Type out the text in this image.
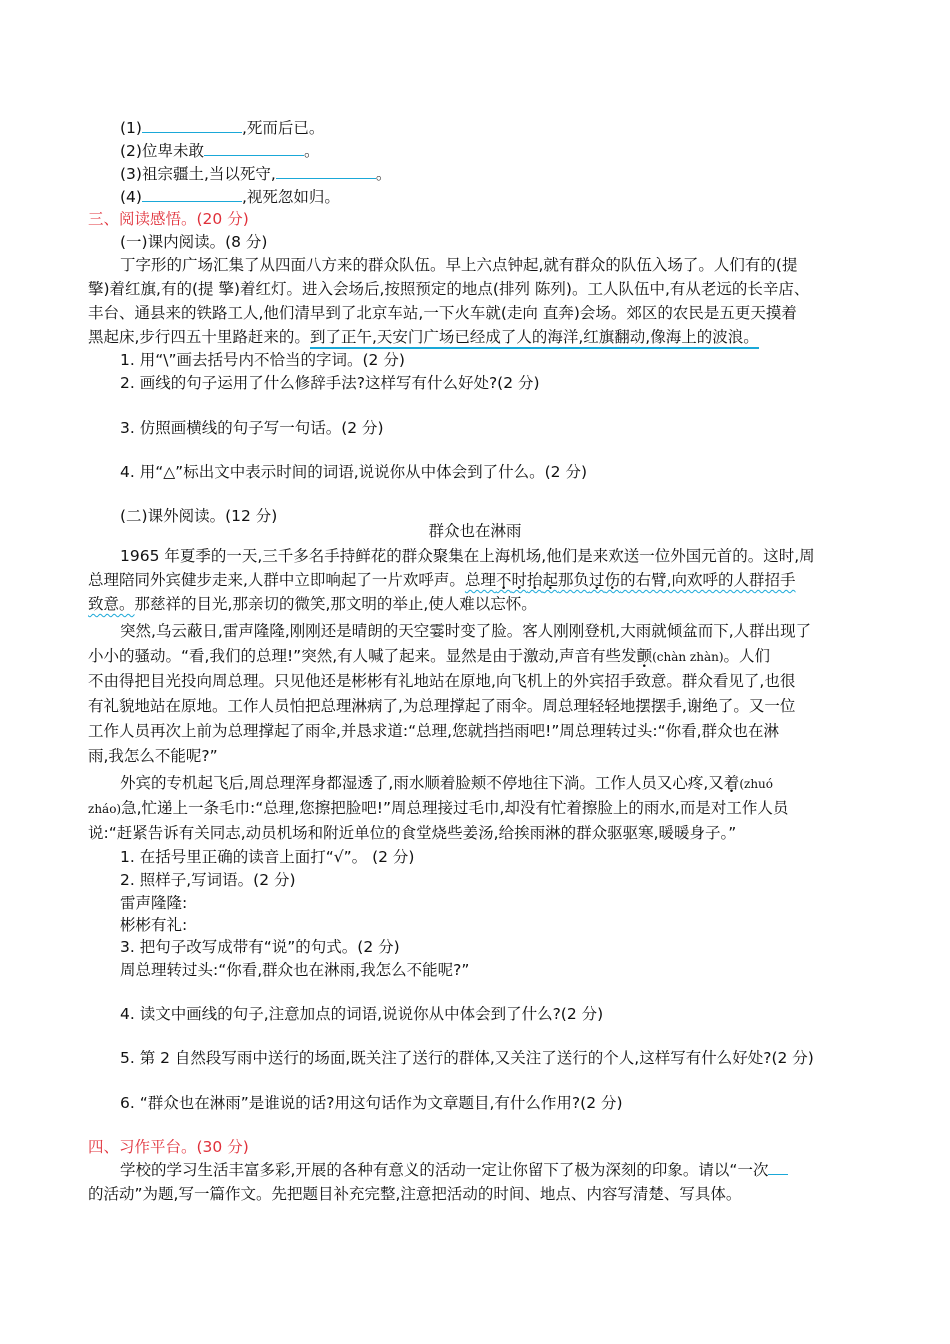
(1)	,死而后已。
(2)位卑未敢	。
(3)祖宗疆土,当以死守,	。
(4)	,视死忽如归。
三、阅读感悟。(20 分)
(一)课内阅读。(8 分)
丁字形的广场汇集了从四面八方来的群众队伍。早上六点钟起,就有群众的队伍入场了。人们有的(提
擎)着红旗,有的(提 擎)着红灯。进入会场后,按照预定的地点(排列 陈列)。工人队伍中,有从老远的长辛店、
丰台、通县来的铁路工人,他们清早到了北京车站,一下火车就(走向 直奔)会场。郊区的农民是五更天摸着
黑起床,步行四五十里路赶来的。到了正午,天安门广场已经成了人的海洋,红旗翻动,像海上的波浪。
1. 用“\”画去括号内不恰当的字词。(2 分)
2. 画线的句子运用了什么修辞手法?这样写有什么好处?(2 分)
3. 仿照画横线的句子写一句话。(2 分)
4. 用“△”标出文中表示时间的词语,说说你从中体会到了什么。(2 分)
(二)课外阅读。(12 分)
群众也在淋雨
1965 年夏季的一天,三千多名手持鲜花的群众聚集在上海机场,他们是来欢送一位外国元首的。这时,周
总理陪同外宾健步走来,人群中立即响起了一片欢呼声。总理不时抬起那负过伤的右臂,向欢呼的人群招手
致意。那慈祥的目光,那亲切的微笑,那文明的举止,使人难以忘怀。
突然,乌云蔽日,雷声隆隆,刚刚还是晴朗的天空霎时变了脸。客人刚刚登机,大雨就倾盆而下,人群出现了
小小的骚动。“看,我们的总理!”突然,有人喊了起来。显然是由于激动,声音有些发颤(chàn zhàn)。人们
不由得把目光投向周总理。只见他还是彬彬有礼地站在原地,向飞机上的外宾招手致意。群众看见了,也很
有礼貌地站在原地。工作人员怕把总理淋病了,为总理撑起了雨伞。周总理轻轻地摆摆手,谢绝了。又一位
工作人员再次上前为总理撑起了雨伞,并恳求道:“总理,您就挡挡雨吧!”周总理转过头:“你看,群众也在淋
雨,我怎么不能呢?”
外宾的专机起飞后,周总理浑身都湿透了,雨水顺着脸颊不停地往下淌。工作人员又心疼,又着(zhuó
zháo)急,忙递上一条毛巾:“总理,您擦把脸吧!”周总理接过毛巾,却没有忙着擦脸上的雨水,而是对工作人员
说:“赶紧告诉有关同志,动员机场和附近单位的食堂烧些姜汤,给挨雨淋的群众驱驱寒,暖暖身子。”
1. 在括号里正确的读音上面打“√”。 (2 分)
2. 照样子,写词语。(2 分)
雷声隆隆:
彬彬有礼:
3. 把句子改写成带有“说”的句式。(2 分)
周总理转过头:“你看,群众也在淋雨,我怎么不能呢?”
4. 读文中画线的句子,注意加点的词语,说说你从中体会到了什么?(2 分)
5. 第 2 自然段写雨中送行的场面,既关注了送行的群体,又关注了送行的个人,这样写有什么好处?(2 分)
6. “群众也在淋雨”是谁说的话?用这句话作为文章题目,有什么作用?(2 分)
四、习作平台。(30 分)
学校的学习生活丰富多彩,开展的各种有意义的活动一定让你留下了极为深刻的印象。请以“一次
的活动”为题,写一篇作文。先把题目补充完整,注意把活动的时间、地点、内容写清楚、写具体。
